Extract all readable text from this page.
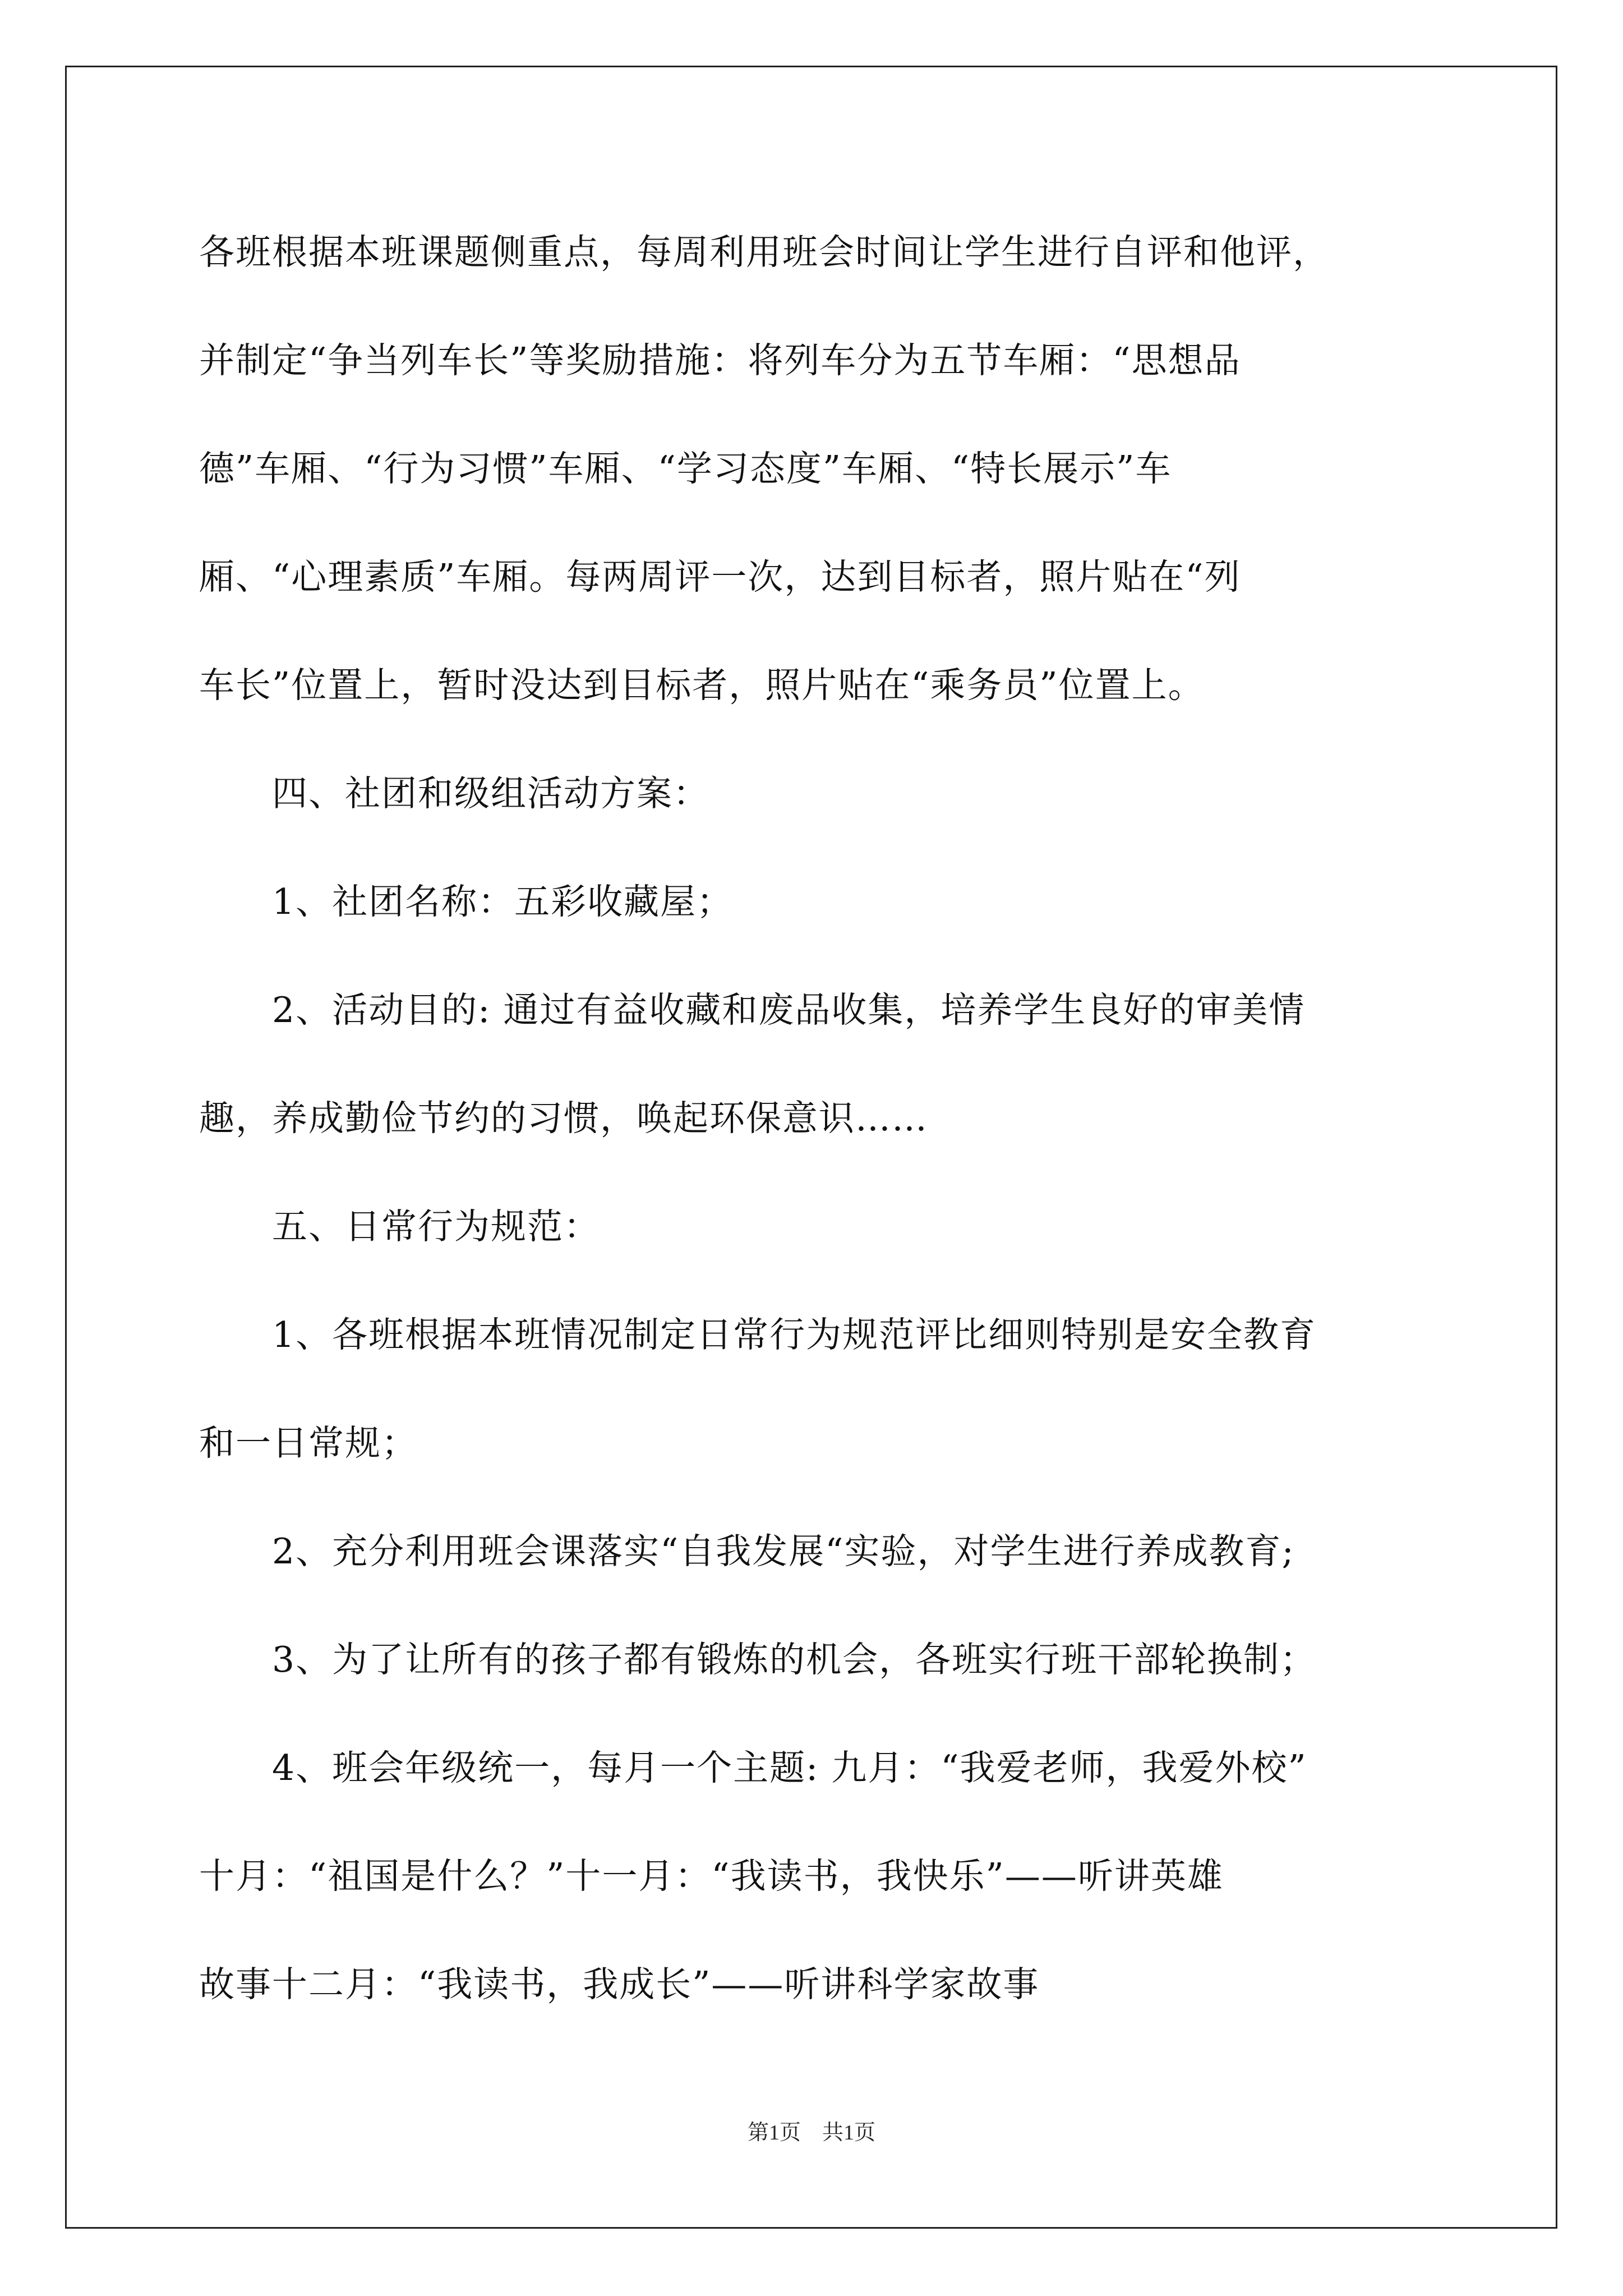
各班根据本班课题侧重点，每周利用班会时间让学生进行自评和他评，
并制定“争当列车长”等奖励措施：将列车分为五节车厢：“思想品
德”车厢、“行为习惯”车厢、“学习态度”车厢、“特长展示”车
厢、“心理素质”车厢。每两周评一次，达到目标者，照片贴在“列
车长”位置上，暂时没达到目标者，照片贴在“乘务员”位置上。
　　四、社团和级组活动方案：
　　1、社团名称：五彩收藏屋；
　　2、活动目的: 通过有益收藏和废品收集，培养学生良好的审美情
趣，养成勤俭节约的习惯，唤起环保意识……
　　五、日常行为规范：
　　1、各班根据本班情况制定日常行为规范评比细则特别是安全教育
和一日常规；
　　2、充分利用班会课落实“自我发展“实验，对学生进行养成教育;
　　3、为了让所有的孩子都有锻炼的机会，各班实行班干部轮换制；
　　4、班会年级统一，每月一个主题: 九月：“我爱老师，我爱外校”
十月：“祖国是什么？”十一月：“我读书，我快乐”——听讲英雄
故事十二月：“我读书，我成长”——听讲科学家故事
第1页　共1页
